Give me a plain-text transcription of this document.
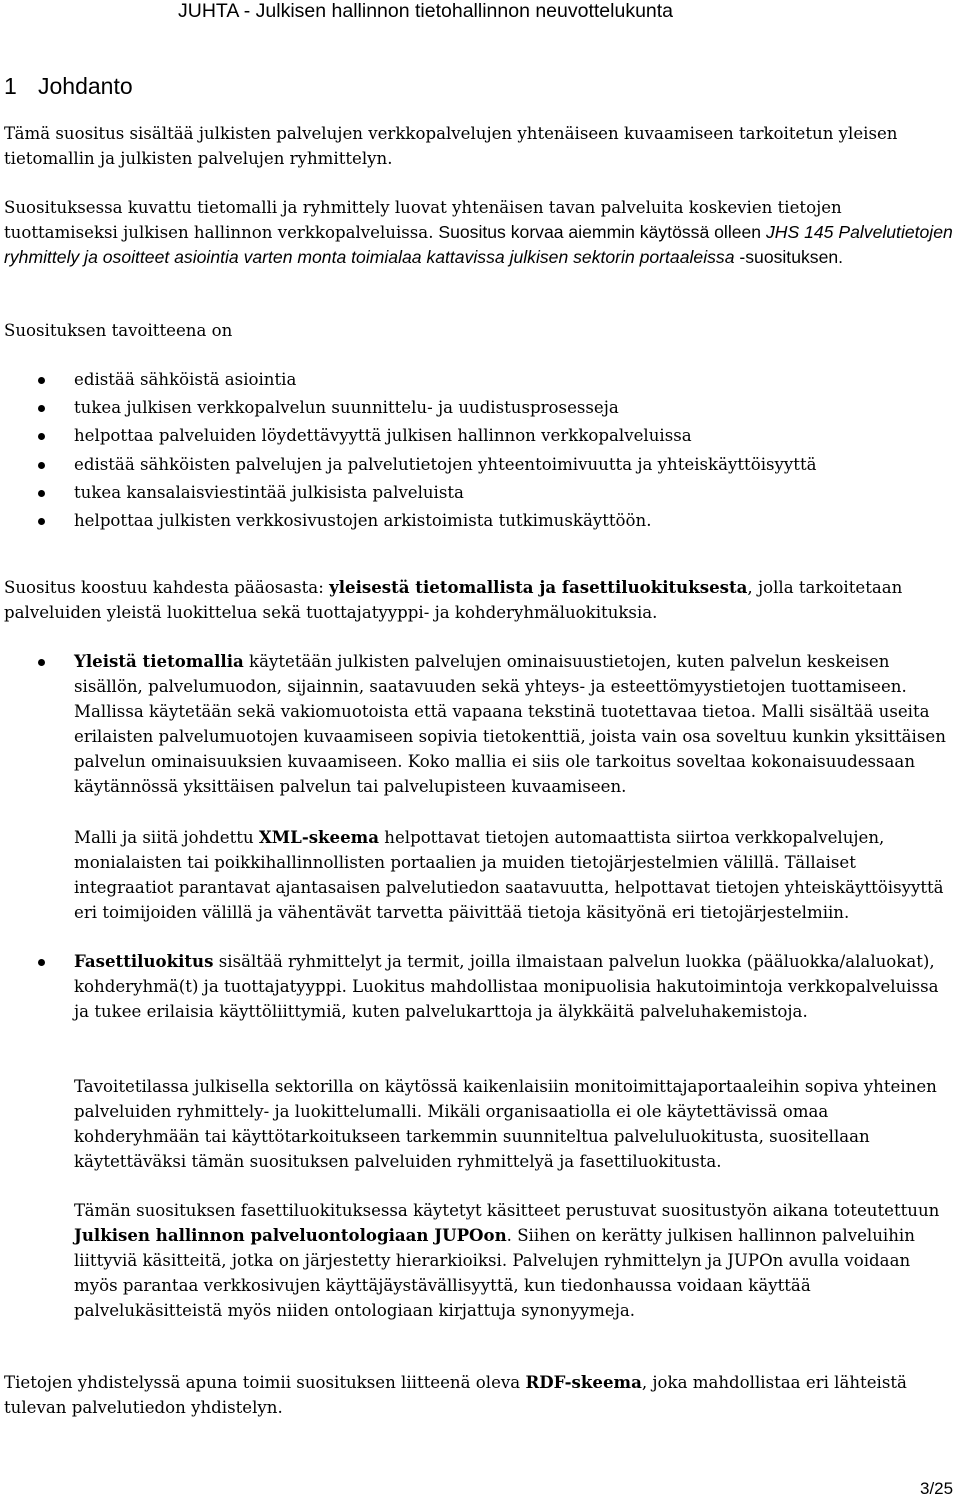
JUHTA - Julkisen hallinnon tietohallinnon neuvottelukunta
1 Johdanto

Tämä suositus sisältää julkisten palvelujen verkkopalvelujen yhtenäiseen kuvaamiseen tarkoitetun yleisen tietomallin ja julkisten palvelujen ryhmittelyn.

Suosituksessa kuvattu tietomalli ja ryhmittely luovat yhtenäisen tavan palveluita koskevien tietojen tuottamiseksi julkisen hallinnon verkkopalveluissa. Suositus korvaa aiemmin käytössä olleen JHS 145 Palvelutietojen ryhmittely ja osoitteet asiointia varten monta toimialaa kattavissa julkisen sektorin portaaleissa -suosituksen.

Suosituksen tavoitteena on

edistää sähköistä asiointia
tukea julkisen verkkopalvelun suunnittelu- ja uudistusprosesseja
helpottaa palveluiden löydettävyyttä julkisen hallinnon verkkopalveluissa
edistää sähköisten palvelujen ja palvelutietojen yhteentoimivuutta ja yhteiskäyttöisyyttä
tukea kansalaisviestintää julkisista palveluista
helpottaa julkisten verkkosivustojen arkistoimista tutkimuskäyttöön.

Suositus koostuu kahdesta pääosasta: yleisestä tietomallista ja fasettiluokituksesta, jolla tarkoitetaan palveluiden yleistä luokittelua sekä tuottajatyyppi- ja kohderyhmäluokituksia.

Yleistä tietomallia käytetään julkisten palvelujen ominaisuustietojen, kuten palvelun keskeisen sisällön, palvelumuodon, sijainnin, saatavuuden sekä yhteys- ja esteettömyystietojen tuottamiseen. Mallissa käytetään sekä vakiomuotoista että vapaana tekstinä tuotettavaa tietoa. Malli sisältää useita erilaisten palvelumuotojen kuvaamiseen sopivia tietokenttiä, joista vain osa soveltuu kunkin yksittäisen palvelun ominaisuuksien kuvaamiseen. Koko mallia ei siis ole tarkoitus soveltaa kokonaisuudessaan käytännössä yksittäisen palvelun tai palvelupisteen kuvaamiseen.

Malli ja siitä johdettu XML-skeema helpottavat tietojen automaattista siirtoa verkkopalvelujen, monialaisten tai poikkihallinnollisten portaalien ja muiden tietojärjestelmien välillä. Tällaiset integraatiot parantavat ajantasaisen palvelutiedon saatavuutta, helpottavat tietojen yhteiskäyttöisyyttä eri toimijoiden välillä ja vähentävät tarvetta päivittää tietoja käsityönä eri tietojärjestelmiin.

Fasettiluokitus sisältää ryhmittelyt ja termit, joilla ilmaistaan palvelun luokka (pääluokka/alaluokat), kohderyhmä(t) ja tuottajatyyppi. Luokitus mahdollistaa monipuolisia hakutoimintoja verkkopalveluissa ja tukee erilaisia käyttöliittymiä, kuten palvelukarttoja ja älykkäitä palveluhakemistoja.

Tavoitetilassa julkisella sektorilla on käytössä kaikenlaisiin monitoimittajaportaaleihin sopiva yhteinen palveluiden ryhmittely- ja luokittelumalli. Mikäli organisaatiolla ei ole käytettävissä omaa kohderyhmään tai käyttötarkoitukseen tarkemmin suunniteltua palveluluokitusta, suositellaan käytettäväksi tämän suosituksen palveluiden ryhmittelyä ja fasettiluokitusta.

Tämän suosituksen fasettiluokituksessa käytetyt käsitteet perustuvat suositustyön aikana toteutettuun Julkisen hallinnon palveluontologiaan JUPOon. Siihen on kerätty julkisen hallinnon palveluihin liittyviä käsitteitä, jotka on järjestetty hierarkioiksi. Palvelujen ryhmittelyn ja JUPOn avulla voidaan myös parantaa verkkosivujen käyttäjäystävällisyyttä, kun tiedonhaussa voidaan käyttää palvelukäsitteistä myös niiden ontologiaan kirjattuja synonyymeja.

Tietojen yhdistelyssä apuna toimii suosituksen liitteenä oleva RDF-skeema, joka mahdollistaa eri lähteistä tulevan palvelutiedon yhdistelyn.

3/25
